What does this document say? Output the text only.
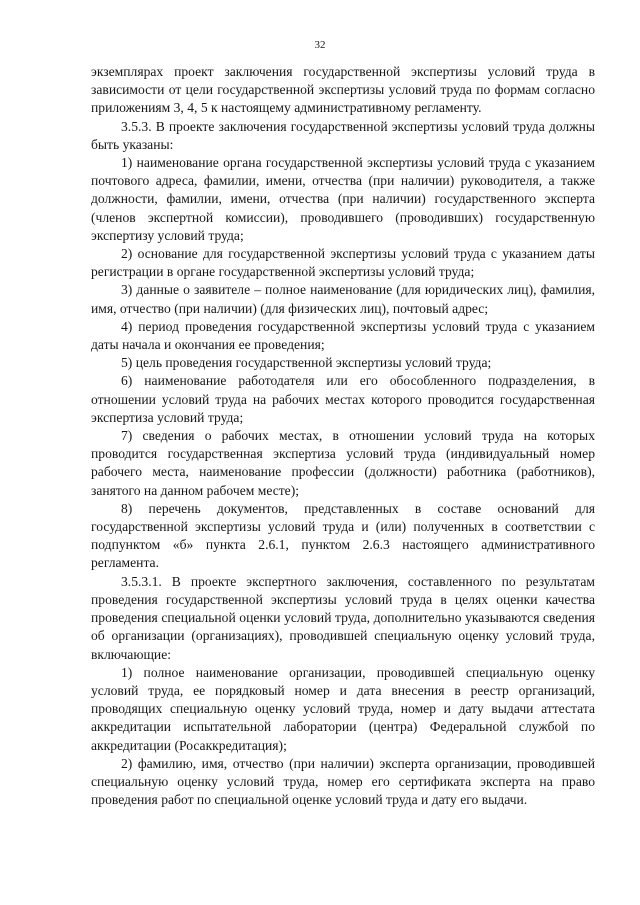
32

экземплярах проект заключения государственной экспертизы условий труда в зависимости от цели государственной экспертизы условий труда по формам согласно приложениям 3, 4, 5 к настоящему административному регламенту.

3.5.3. В проекте заключения государственной экспертизы условий труда должны быть указаны:

1) наименование органа государственной экспертизы условий труда с указанием почтового адреса, фамилии, имени, отчества (при наличии) руководителя, а также должности, фамилии, имени, отчества (при наличии) государственного эксперта (членов экспертной комиссии), проводившего (проводивших) государственную экспертизу условий труда;

2) основание для государственной экспертизы условий труда с указанием даты регистрации в органе государственной экспертизы условий труда;

3) данные о заявителе – полное наименование (для юридических лиц), фамилия, имя, отчество (при наличии) (для физических лиц), почтовый адрес;

4) период проведения государственной экспертизы условий труда с указанием даты начала и окончания ее проведения;

5) цель проведения государственной экспертизы условий труда;

6) наименование работодателя или его обособленного подразделения, в отношении условий труда на рабочих местах которого проводится государственная экспертиза условий труда;

7) сведения о рабочих местах, в отношении условий труда на которых проводится государственная экспертиза условий труда (индивидуальный номер рабочего места, наименование профессии (должности) работника (работников), занятого на данном рабочем месте);

8) перечень документов, представленных в составе оснований для государственной экспертизы условий труда и (или) полученных в соответствии с подпунктом «б» пункта 2.6.1, пунктом 2.6.3 настоящего административного регламента.

3.5.3.1. В проекте экспертного заключения, составленного по результатам проведения государственной экспертизы условий труда в целях оценки качества проведения специальной оценки условий труда, дополнительно указываются сведения об организации (организациях), проводившей специальную оценку условий труда, включающие:

1) полное наименование организации, проводившей специальную оценку условий труда, ее порядковый номер и дата внесения в реестр организаций, проводящих специальную оценку условий труда, номер и дату выдачи аттестата аккредитации испытательной лаборатории (центра) Федеральной службой по аккредитации (Росаккредитация);

2) фамилию, имя, отчество (при наличии) эксперта организации, проводившей специальную оценку условий труда, номер его сертификата эксперта на право проведения работ по специальной оценке условий труда и дату его выдачи.
